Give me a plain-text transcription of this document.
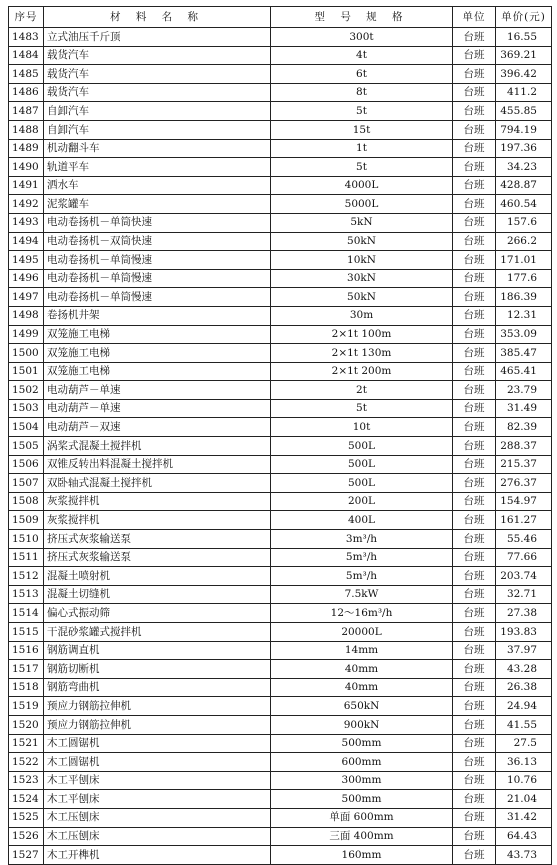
序号	材 料 名 称	型 号 规 格	单位	单价(元)
1483	立式油压千斤顶	300t	台班	16.55
1484	载货汽车	4t	台班	369.21
1485	载货汽车	6t	台班	396.42
1486	载货汽车	8t	台班	411.2
1487	自卸汽车	5t	台班	455.85
1488	自卸汽车	15t	台班	794.19
1489	机动翻斗车	1t	台班	197.36
1490	轨道平车	5t	台班	34.23
1491	洒水车	4000L	台班	428.87
1492	泥浆罐车	5000L	台班	460.54
1493	电动卷扬机－单筒快速	5kN	台班	157.6
1494	电动卷扬机－双筒快速	50kN	台班	266.2
1495	电动卷扬机－单筒慢速	10kN	台班	171.01
1496	电动卷扬机－单筒慢速	30kN	台班	177.6
1497	电动卷扬机－单筒慢速	50kN	台班	186.39
1498	卷扬机井架	30m	台班	12.31
1499	双笼施工电梯	2×1t 100m	台班	353.09
1500	双笼施工电梯	2×1t 130m	台班	385.47
1501	双笼施工电梯	2×1t 200m	台班	465.41
1502	电动葫芦－单速	2t	台班	23.79
1503	电动葫芦－单速	5t	台班	31.49
1504	电动葫芦－双速	10t	台班	82.39
1505	涡桨式混凝土搅拌机	500L	台班	288.37
1506	双锥反转出料混凝土搅拌机	500L	台班	215.37
1507	双卧轴式混凝土搅拌机	500L	台班	276.37
1508	灰浆搅拌机	200L	台班	154.97
1509	灰浆搅拌机	400L	台班	161.27
1510	挤压式灰浆输送泵	3m³/h	台班	55.46
1511	挤压式灰浆输送泵	5m³/h	台班	77.66
1512	混凝土喷射机	5m³/h	台班	203.74
1513	混凝土切缝机	7.5kW	台班	32.71
1514	偏心式振动筛	12～16m³/h	台班	27.38
1515	干混砂浆罐式搅拌机	20000L	台班	193.83
1516	钢筋调直机	14mm	台班	37.97
1517	钢筋切断机	40mm	台班	43.28
1518	钢筋弯曲机	40mm	台班	26.38
1519	预应力钢筋拉伸机	650kN	台班	24.94
1520	预应力钢筋拉伸机	900kN	台班	41.55
1521	木工圆锯机	500mm	台班	27.5
1522	木工圆锯机	600mm	台班	36.13
1523	木工平刨床	300mm	台班	10.76
1524	木工平刨床	500mm	台班	21.04
1525	木工压刨床	单面 600mm	台班	31.42
1526	木工压刨床	三面 400mm	台班	64.43
1527	木工开榫机	160mm	台班	43.73
